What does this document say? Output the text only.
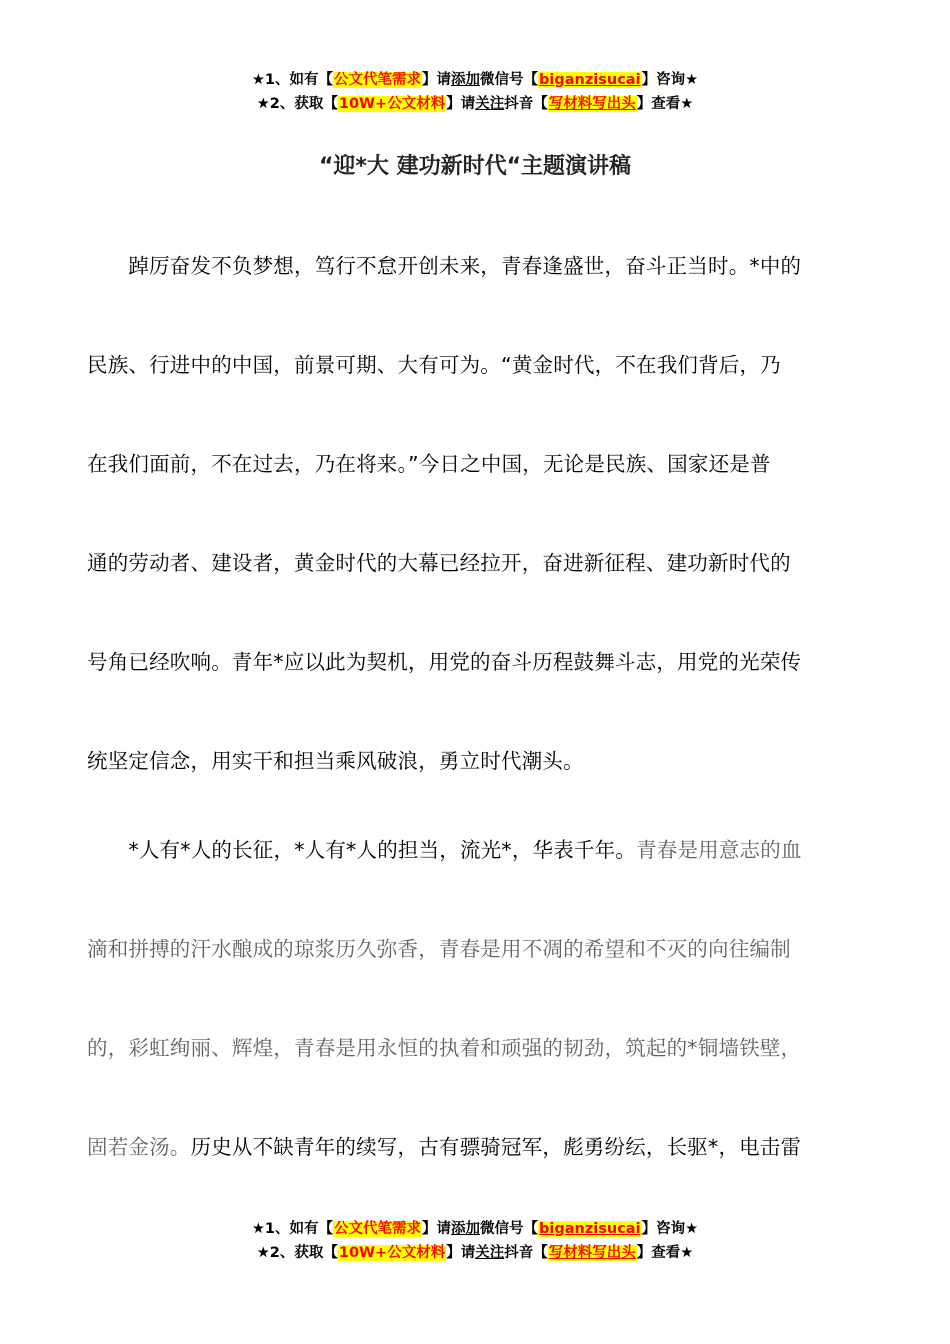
★1、如有【公文代笔需求】请添加微信号【biganzisucai】咨询★
★2、获取【10W+公文材料】请关注抖音【写材料写出头】查看★
“迎*大 建功新时代“主题演讲稿
　　踔厉奋发不负梦想，笃行不怠开创未来，青春逢盛世，奋斗正当时。*中的
民族、行进中的中国，前景可期、大有可为。“黄金时代，不在我们背后，乃
在我们面前，不在过去，乃在将来。”今日之中国，无论是民族、国家还是普
通的劳动者、建设者，黄金时代的大幕已经拉开，奋进新征程、建功新时代的
号角已经吹响。青年*应以此为契机，用党的奋斗历程鼓舞斗志，用党的光荣传
统坚定信念，用实干和担当乘风破浪，勇立时代潮头。
　　*人有*人的长征，*人有*人的担当，流光*，华表千年。青春是用意志的血
滴和拼搏的汗水酿成的琼浆历久弥香，青春是用不凋的希望和不灭的向往编制
的，彩虹绚丽、辉煌，青春是用永恒的执着和顽强的韧劲，筑起的*铜墙铁壁，
固若金汤。历史从不缺青年的续写，古有骠骑冠军，彪勇纷纭，长驱*，电击雷
★1、如有【公文代笔需求】请添加微信号【biganzisucai】咨询★
★2、获取【10W+公文材料】请关注抖音【写材料写出头】查看★
